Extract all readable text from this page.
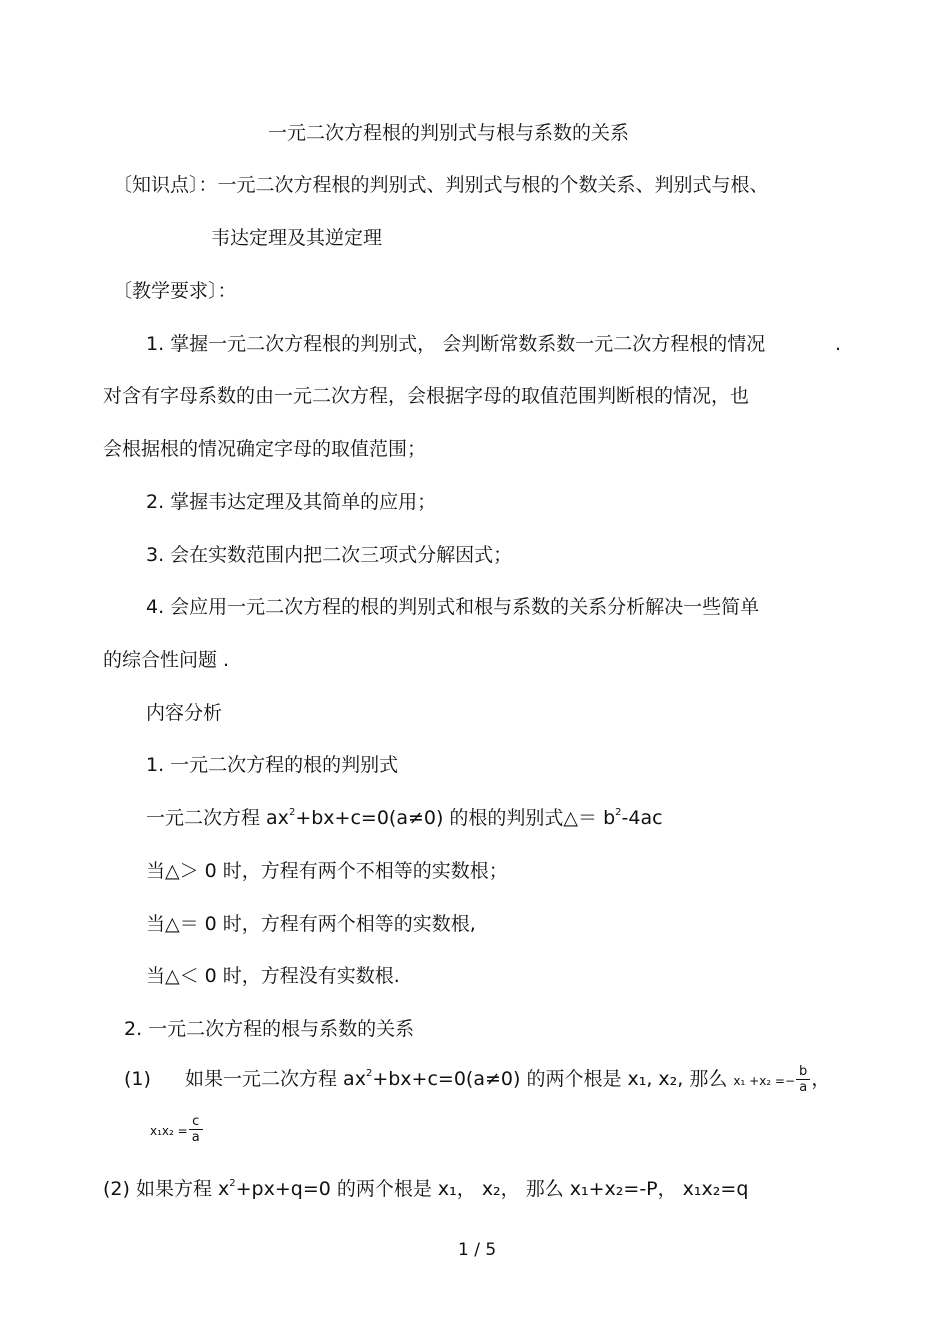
一元二次方程根的判别式与根与系数的关系
〔知识点〕：一元二次方程根的判别式、判别式与根的个数关系、判别式与根、
韦达定理及其逆定理
〔教学要求〕：
1. 掌握一元二次方程根的判别式， 会判断常数系数一元二次方程根的情况	.
对含有字母系数的由一元二次方程，会根据字母的取值范围判断根的情况，也
会根据根的情况确定字母的取值范围；
2. 掌握韦达定理及其简单的应用；
3. 会在实数范围内把二次三项式分解因式；
4. 会应用一元二次方程的根的判别式和根与系数的关系分析解决一些简单
的综合性问题 .
内容分析
1. 一元二次方程的根的判别式
一元二次方程 $ax^2+bx+c=0(a\ne 0)$ 的根的判别式△＝ $b^2-4ac$
当△＞ 0 时，方程有两个不相等的实数根；
当△＝ 0 时，方程有两个相等的实数根,
当△＜ 0 时，方程没有实数根.
2. 一元二次方程的根与系数的关系
(1) 如果一元二次方程 $ax^2+bx+c=0(a\ne 0)$ 的两个根是 x₁, x₂, 那么 $x_1 +x_2 =- \frac{b}{a}$ ，
$x_1x_2 = \frac{c}{a}$
(2) 如果方程 $x^2+px+q=0$ 的两个根是 x₁， x₂， 那么 x₁+x₂=-P， x₁x₂=q
1 / 5
